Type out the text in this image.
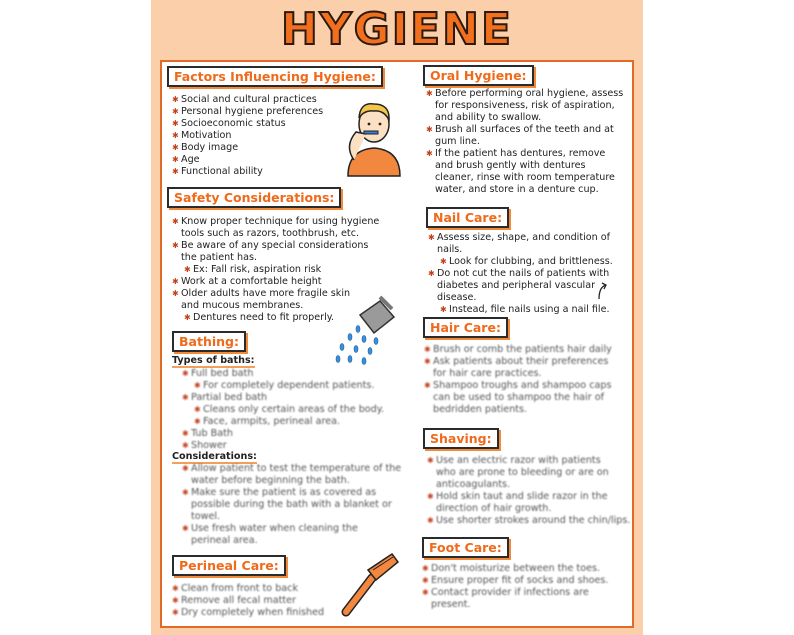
HYGIENE
Factors Influencing Hygiene:
✱ Social and cultural practices
✱ Personal hygiene preferences
✱ Socioeconomic status
✱ Motivation
✱ Body image
✱ Age
✱ Functional ability
Safety Considerations:
✱ Know proper technique for using hygiene
tools such as razors, toothbrush, etc.
✱ Be aware of any special considerations
the patient has.
✱ Ex: Fall risk, aspiration risk
✱ Work at a comfortable height
✱ Older adults have more fragile skin
and mucous membranes.
✱ Dentures need to fit properly.
Bathing:
Types of baths:
✱ Full bed bath
✱ For completely dependent patients.
✱ Partial bed bath
✱ Cleans only certain areas of the body.
✱ Face, armpits, perineal area.
✱ Tub Bath
✱ Shower
Considerations:
✱ Allow patient to test the temperature of the
water before beginning the bath.
✱ Make sure the patient is as covered as
possible during the bath with a blanket or
towel.
✱ Use fresh water when cleaning the
perineal area.
Perineal Care:
✱ Clean from front to back
✱ Remove all fecal matter
✱ Dry completely when finished
Oral Hygiene:
✱ Before performing oral hygiene, assess
for responsiveness, risk of aspiration,
and ability to swallow.
✱ Brush all surfaces of the teeth and at
gum line.
✱ If the patient has dentures, remove
and brush gently with dentures
cleaner, rinse with room temperature
water, and store in a denture cup.
Nail Care:
✱ Assess size, shape, and condition of
nails.
✱ Look for clubbing, and brittleness.
✱ Do not cut the nails of patients with
diabetes and peripheral vascular
disease.
✱ Instead, file nails using a nail file.
Hair Care:
✱ Brush or comb the patients hair daily
✱ Ask patients about their preferences
for hair care practices.
✱ Shampoo troughs and shampoo caps
can be used to shampoo the hair of
bedridden patients.
Shaving:
✱ Use an electric razor with patients
who are prone to bleeding or are on
anticoagulants.
✱ Hold skin taut and slide razor in the
direction of hair growth.
✱ Use shorter strokes around the chin/lips.
Foot Care:
✱ Don't moisturize between the toes.
✱ Ensure proper fit of socks and shoes.
✱ Contact provider if infections are
present.
